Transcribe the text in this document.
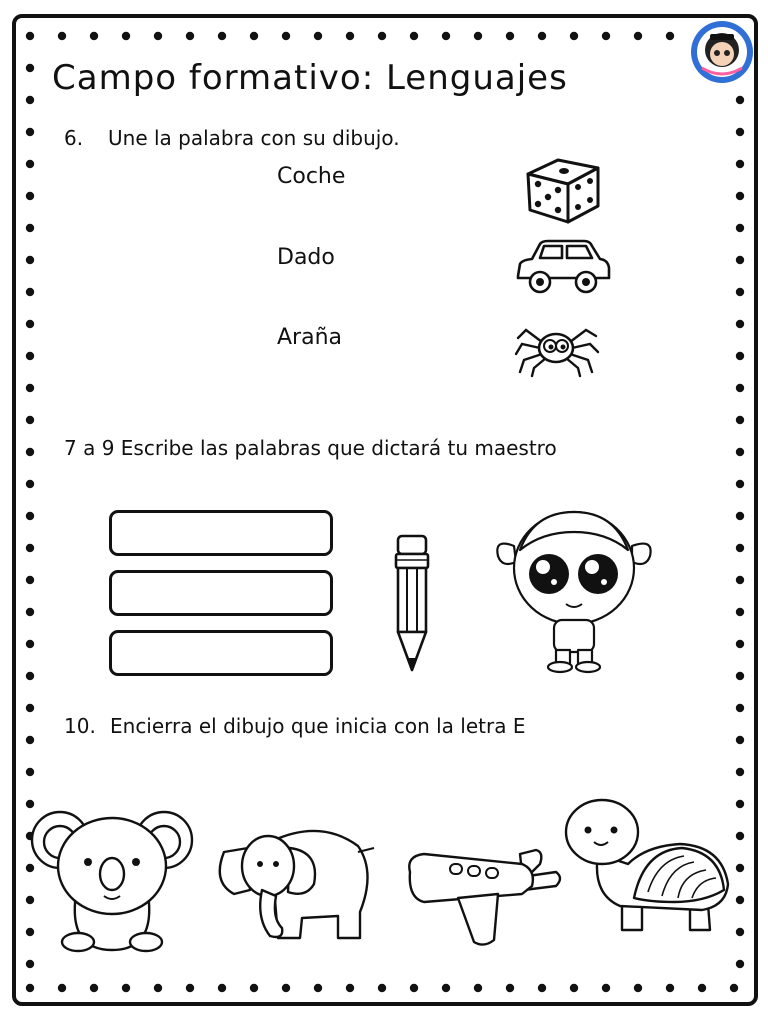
Campo formativo: Lenguajes
6. Une la palabra con su dibujo.
Coche
Dado
Araña
7 a 9 Escribe las palabras que dictará tu maestro
10. Encierra el dibujo que inicia con la letra E
